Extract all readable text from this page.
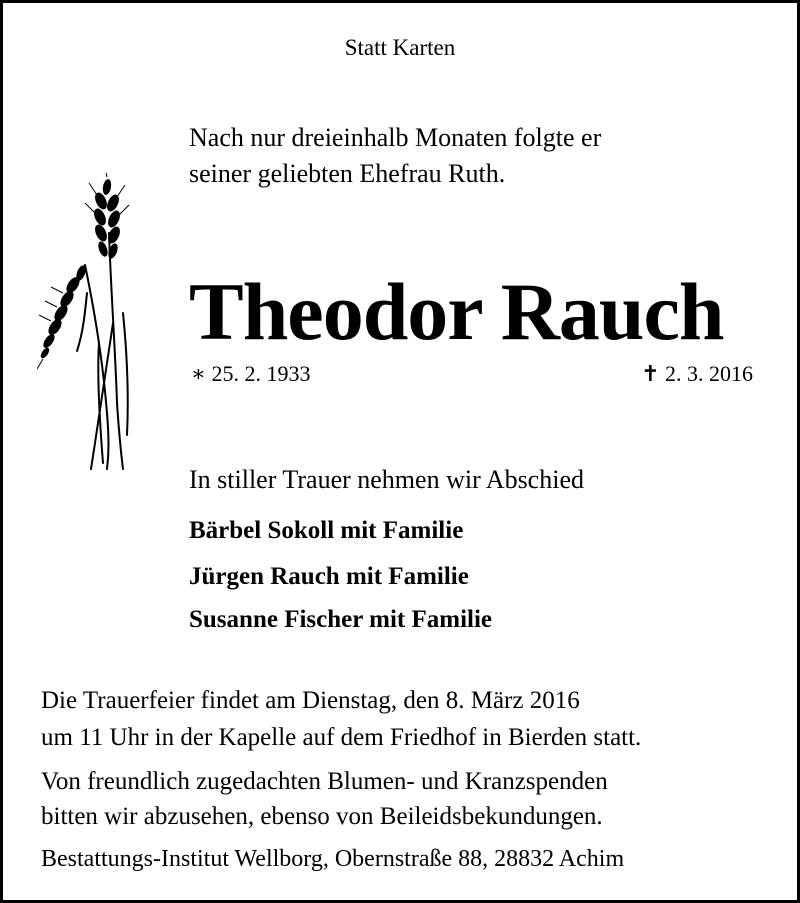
Statt Karten
Nach nur dreieinhalb Monaten folgte er
seiner geliebten Ehefrau Ruth.
Theodor Rauch
∗ 25. 2. 1933	✝ 2. 3. 2016
In stiller Trauer nehmen wir Abschied
Bärbel Sokoll mit Familie
Jürgen Rauch mit Familie
Susanne Fischer mit Familie
Die Trauerfeier findet am Dienstag, den 8. März 2016
um 11 Uhr in der Kapelle auf dem Friedhof in Bierden statt.
Von freundlich zugedachten Blumen- und Kranzspenden
bitten wir abzusehen, ebenso von Beileidsbekundungen.
Bestattungs-Institut Wellborg, Obernstraße 88, 28832 Achim
